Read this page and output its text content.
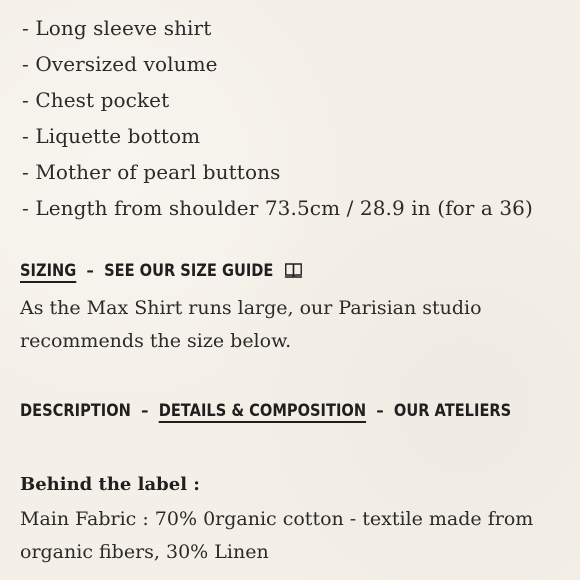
- Long sleeve shirt
- Oversized volume
- Chest pocket
- Liquette bottom
- Mother of pearl buttons
- Length from shoulder 73.5cm / 28.9 in (for a 36)
SIZING – SEE OUR SIZE GUIDE
As the Max Shirt runs large, our Parisian studio
recommends the size below.
DESCRIPTION – DETAILS & COMPOSITION – OUR ATELIERS
Behind the label :
Main Fabric : 70% 0rganic cotton - textile made from
organic fibers, 30% Linen
